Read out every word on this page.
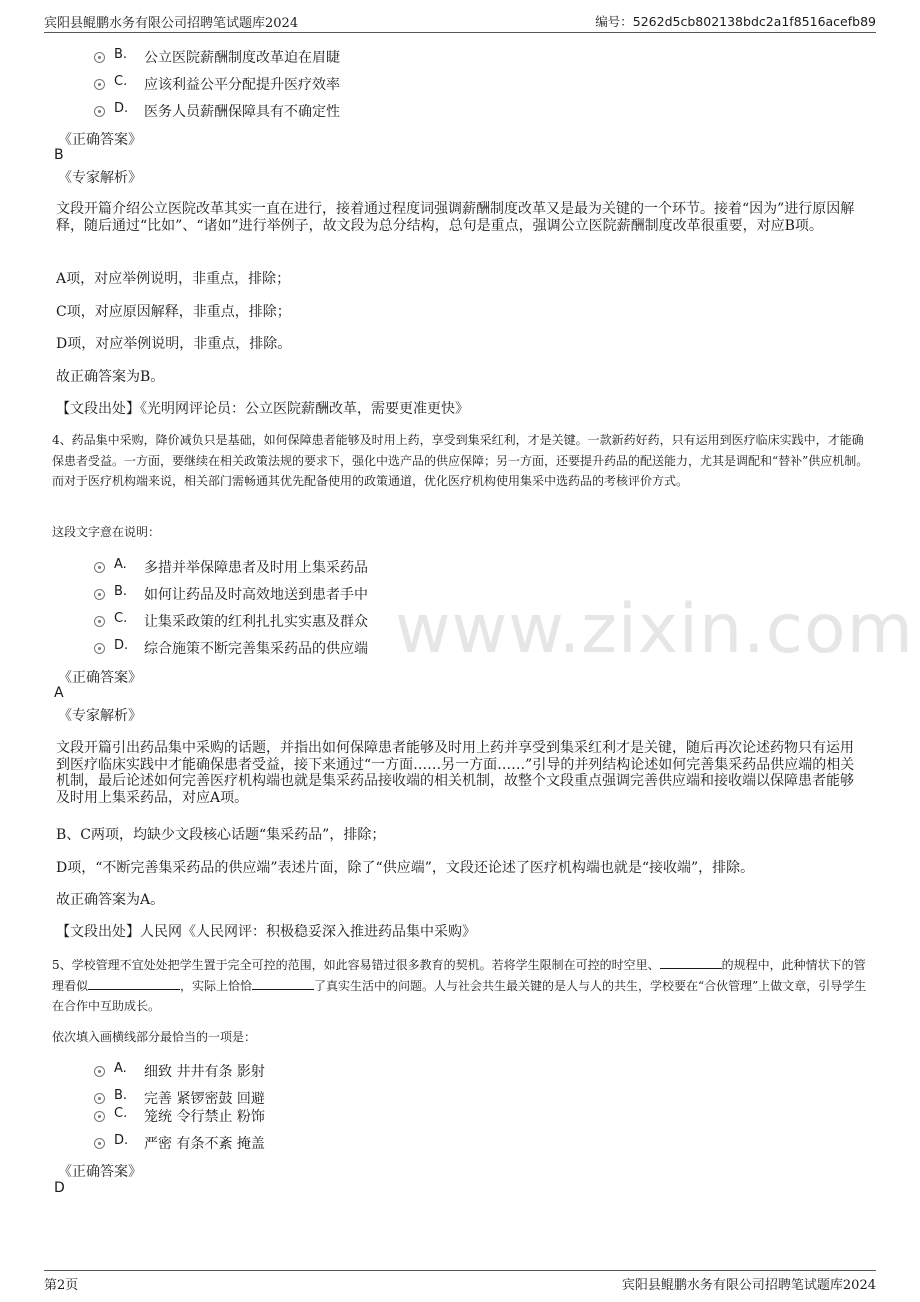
宾阳县鲲鹏水务有限公司招聘笔试题库2024	编号：5262d5cb802138bdc2a1f8516acefb89
www.zixin.com
B. 公立医院薪酬制度改革迫在眉睫
C. 应该利益公平分配提升医疗效率
D. 医务人员薪酬保障具有不确定性
《正确答案》
B
《专家解析》
文段开篇介绍公立医院改革其实一直在进行，接着通过程度词强调薪酬制度改革又是最为关键的一个环节。接着“因为”进行原因解释，随后通过“比如”、“诸如”进行举例子，故文段为总分结构，总句是重点，强调公立医院薪酬制度改革很重要，对应B项。
A项，对应举例说明，非重点，排除；
C项，对应原因解释，非重点，排除；
D项，对应举例说明，非重点，排除。
故正确答案为B。
【文段出处】《光明网评论员：公立医院薪酬改革，需要更准更快》
4、药品集中采购，降价减负只是基础，如何保障患者能够及时用上药，享受到集采红利，才是关键。一款新药好药，只有运用到医疗临床实践中，才能确保患者受益。一方面，要继续在相关政策法规的要求下，强化中选产品的供应保障；另一方面，还要提升药品的配送能力，尤其是调配和“替补”供应机制。而对于医疗机构端来说，相关部门需畅通其优先配备使用的政策通道，优化医疗机构使用集采中选药品的考核评价方式。
这段文字意在说明：
A. 多措并举保障患者及时用上集采药品
B. 如何让药品及时高效地送到患者手中
C. 让集采政策的红利扎扎实实惠及群众
D. 综合施策不断完善集采药品的供应端
《正确答案》
A
《专家解析》
文段开篇引出药品集中采购的话题，并指出如何保障患者能够及时用上药并享受到集采红利才是关键，随后再次论述药物只有运用到医疗临床实践中才能确保患者受益，接下来通过“一方面……另一方面……”引导的并列结构论述如何完善集采药品供应端的相关机制，最后论述如何完善医疗机构端也就是集采药品接收端的相关机制，故整个文段重点强调完善供应端和接收端以保障患者能够及时用上集采药品，对应A项。
B、C两项，均缺少文段核心话题“集采药品”，排除；
D项，“不断完善集采药品的供应端”表述片面，除了“供应端”，文段还论述了医疗机构端也就是“接收端”，排除。
故正确答案为A。
【文段出处】人民网《人民网评：积极稳妥深入推进药品集中采购》
5、学校管理不宜处处把学生置于完全可控的范围，如此容易错过很多教育的契机。若将学生限制在可控的时空里、	的规程中，此种情状下的管理看似	，实际上恰恰	了真实生活中的问题。人与社会共生最关键的是人与人的共生，学校要在“合伙管理”上做文章，引导学生在合作中互助成长。
依次填入画横线部分最恰当的一项是：
A. 细致 井井有条 影射
B. 完善 紧锣密鼓 回避
C. 笼统 令行禁止 粉饰
D. 严密 有条不紊 掩盖
《正确答案》
D
第2页	宾阳县鲲鹏水务有限公司招聘笔试题库2024
